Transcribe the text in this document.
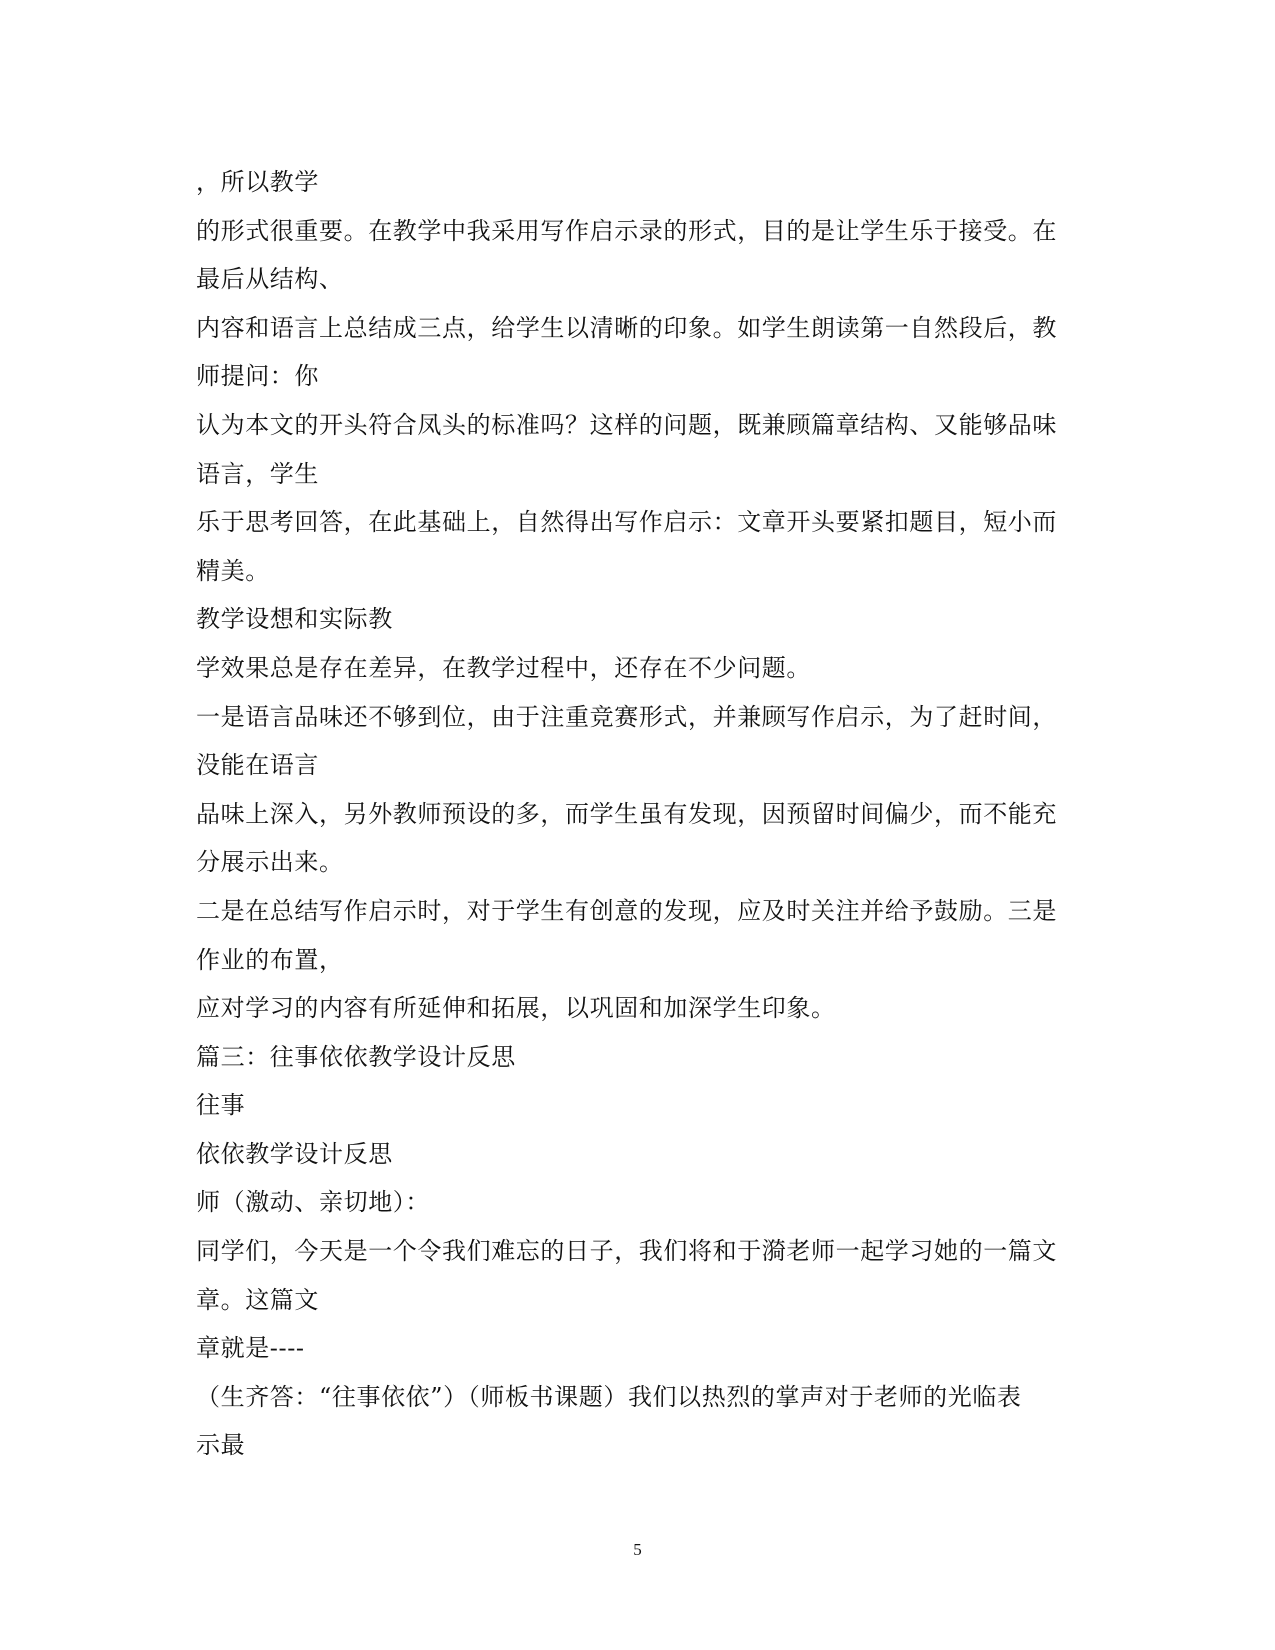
，所以教学
的形式很重要。在教学中我采用写作启示录的形式，目的是让学生乐于接受。在
最后从结构、
内容和语言上总结成三点，给学生以清晰的印象。如学生朗读第一自然段后，教
师提问：你
认为本文的开头符合凤头的标准吗？这样的问题，既兼顾篇章结构、又能够品味
语言，学生
乐于思考回答，在此基础上，自然得出写作启示：文章开头要紧扣题目，短小而
精美。
教学设想和实际教
学效果总是存在差异，在教学过程中，还存在不少问题。
一是语言品味还不够到位，由于注重竞赛形式，并兼顾写作启示，为了赶时间，
没能在语言
品味上深入，另外教师预设的多，而学生虽有发现，因预留时间偏少，而不能充
分展示出来。
二是在总结写作启示时，对于学生有创意的发现，应及时关注并给予鼓励。三是
作业的布置，
应对学习的内容有所延伸和拓展，以巩固和加深学生印象。
篇三：往事依依教学设计反思
往事
依依教学设计反思
师（激动、亲切地）：
同学们，今天是一个令我们难忘的日子，我们将和于漪老师一起学习她的一篇文
章。这篇文
章就是----
（生齐答：“往事依依”）（师板书课题）我们以热烈的掌声对于老师的光临表
示最
5
